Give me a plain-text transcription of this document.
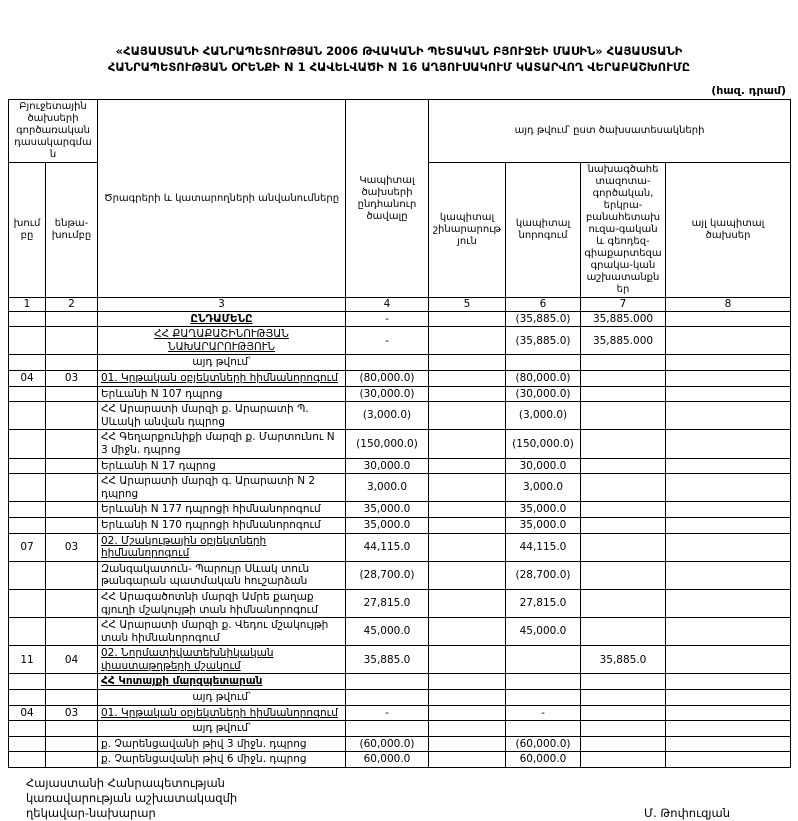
«ՀԱՅԱՍՏԱՆԻ ՀԱՆՐԱՊԵՏՈՒԹՅԱՆ 2006 ԹՎԱԿԱՆԻ ՊԵՏԱԿԱՆ ԲՅՈՒՋԵԻ ՄԱՍԻՆ» ՀԱՅԱՍՏԱՆԻ
ՀԱՆՐԱՊԵՏՈՒԹՅԱՆ ՕՐԵՆՔԻ N 1 ՀԱՎԵԼՎԱԾԻ N 16 ԱՂՅՈՒՍԱԿՈՒՄ ԿԱՏԱՐՎՈՂ ՎԵՐԱԲԱՇԽՈՒՄԸ
(հազ. դրամ)
Բյուջետային ծախսերի գործառական դասակարգման		Ծրագրերի և կատարողների անվանումները	Կապիտալ ծախսերի ընդհանուր ծավալը	այդ թվում՝ ըստ ծախսատեսակների			
խումբը	ենթա-խումբը			կապիտալ շինարարություն	կապիտալ նորոգում	նախագծահետազոտա-գործական, երկրա-բանահետախուզա-գական և գեոդեզ-գիաքարտեզագրակա-կան աշխատանքներ	այլ կապիտալ ծախսեր
1	2	3	4	5	6	7	8
		ԸՆԴԱՄԵՆԸ	-		(35,885.0)	35,885.000	
		ՀՀ ՔԱՂԱՔԱՇԻՆՈՒԹՅԱՆ ՆԱԽԱՐԱՐՈՒԹՅՈՒՆ	-		(35,885.0)	35,885.000	
		այդ թվում՝					
04	03	01. Կրթական օբյեկտների հիմնանորոգում	(80,000.0)		(80,000.0)		
		Երևանի N 107 դպրոց	(30,000.0)		(30,000.0)		
		ՀՀ Արարատի մարզի ք. Արարատի Պ. Սևակի անվան դպրոց	(3,000.0)		(3,000.0)		
		ՀՀ Գեղարքունիքի մարզի ք. Մարտունու N 3 միջն. դպրոց	(150,000.0)		(150,000.0)		
		Երևանի N 17 դպրոց	30,000.0		30,000.0		
		ՀՀ Արարատի մարզի գ. Արարատի N 2 դպրոց	3,000.0		3,000.0		
		Երևանի N 177 դպրոցի հիմնանորոգում	35,000.0		35,000.0		
		Երևանի N 170 դպրոցի հիմնանորոգում	35,000.0		35,000.0		
07	03	02. Մշակութային օբյեկտների հիմնանորոգում	44,115.0		44,115.0		
		Զանգակատուն- Պարույր Սևակ տուն թանգարան պատմական հուշարձան	(28,700.0)		(28,700.0)		
		ՀՀ Արագածոտնի մարզի Ամրե քաղաք գյուղի մշակույթի տան հիմնանորոգում	27,815.0		27,815.0		
		ՀՀ Արարատի մարզի ք. Վեդու մշակույթի տան հիմնանորոգում	45,000.0		45,000.0		
11	04	02. Նորմատիվատեխնիկական փաստաթղթերի մշակում	35,885.0			35,885.0	
		ՀՀ Կոտայքի մարզպետարան					
		այդ թվում՝					
04	03	01. Կրթական օբյեկտների հիմնանորոգում	-		-		
		այդ թվում՝					
		ք. Չարենցավանի թիվ 3 միջն. դպրոց	(60,000.0)		(60,000.0)		
		ք. Չարենցավանի թիվ 6 միջն. դպրոց	60,000.0		60,000.0		
Հայաստանի Հանրապետության
կառավարության աշխատակազմի
ղեկավար-նախարար	Մ. Թոփուզյան
